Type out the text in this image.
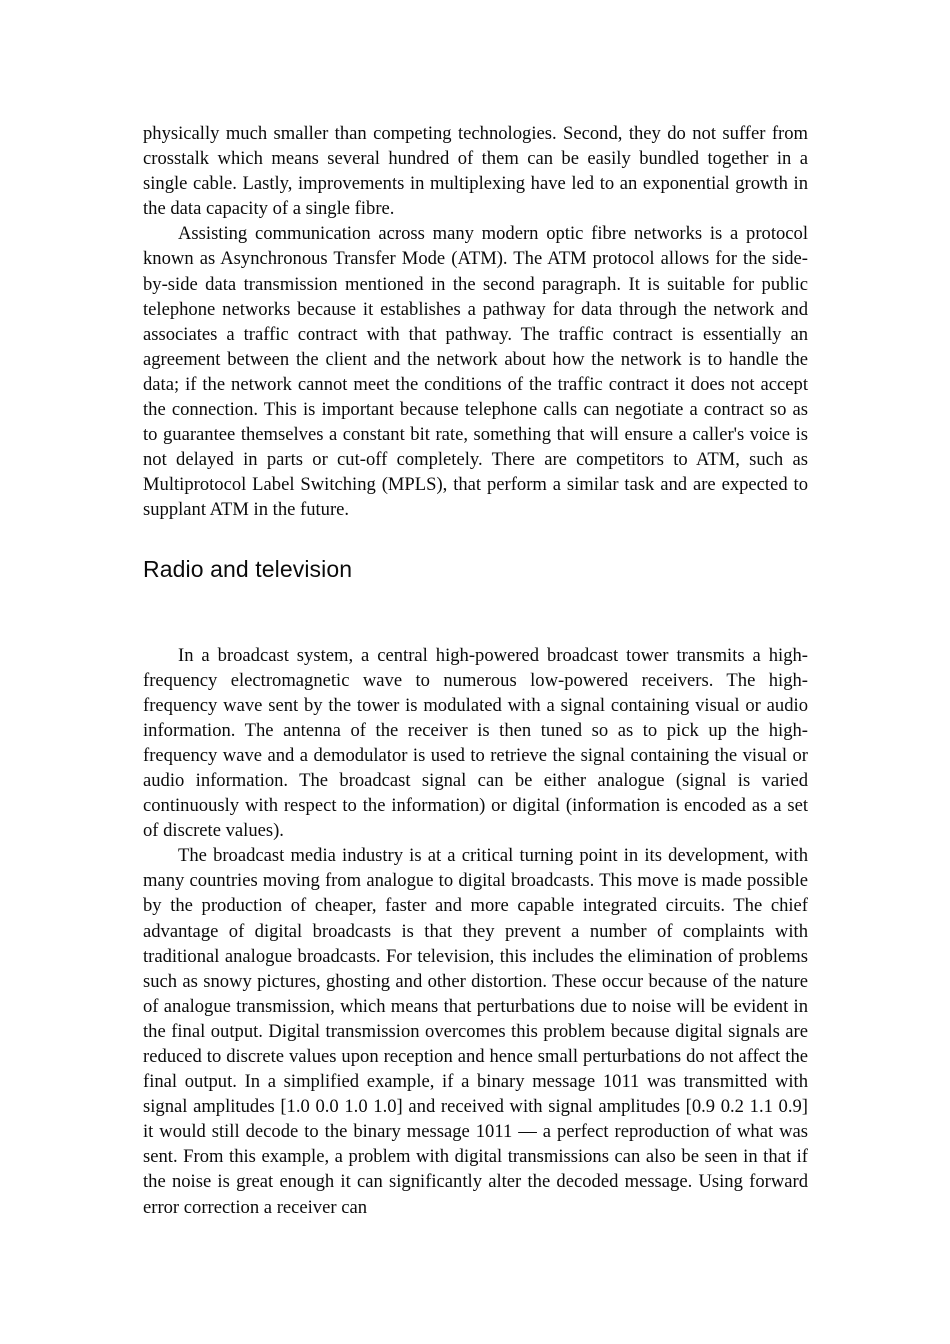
physically much smaller than competing technologies. Second, they do not suffer from crosstalk which means several hundred of them can be easily bundled together in a single cable. Lastly, improvements in multiplexing have led to an exponential growth in the data capacity of a single fibre.

Assisting communication across many modern optic fibre networks is a protocol known as Asynchronous Transfer Mode (ATM). The ATM protocol allows for the side-by-side data transmission mentioned in the second paragraph. It is suitable for public telephone networks because it establishes a pathway for data through the network and associates a traffic contract with that pathway. The traffic contract is essentially an agreement between the client and the network about how the network is to handle the data; if the network cannot meet the conditions of the traffic contract it does not accept the connection. This is important because telephone calls can negotiate a contract so as to guarantee themselves a constant bit rate, something that will ensure a caller's voice is not delayed in parts or cut-off completely. There are competitors to ATM, such as Multiprotocol Label Switching (MPLS), that perform a similar task and are expected to supplant ATM in the future.

Radio and television

In a broadcast system, a central high-powered broadcast tower transmits a high-frequency electromagnetic wave to numerous low-powered receivers. The high-frequency wave sent by the tower is modulated with a signal containing visual or audio information. The antenna of the receiver is then tuned so as to pick up the high-frequency wave and a demodulator is used to retrieve the signal containing the visual or audio information. The broadcast signal can be either analogue (signal is varied continuously with respect to the information) or digital (information is encoded as a set of discrete values).

The broadcast media industry is at a critical turning point in its development, with many countries moving from analogue to digital broadcasts. This move is made possible by the production of cheaper, faster and more capable integrated circuits. The chief advantage of digital broadcasts is that they prevent a number of complaints with traditional analogue broadcasts. For television, this includes the elimination of problems such as snowy pictures, ghosting and other distortion. These occur because of the nature of analogue transmission, which means that perturbations due to noise will be evident in the final output. Digital transmission overcomes this problem because digital signals are reduced to discrete values upon reception and hence small perturbations do not affect the final output. In a simplified example, if a binary message 1011 was transmitted with signal amplitudes [1.0 0.0 1.0 1.0] and received with signal amplitudes [0.9 0.2 1.1 0.9] it would still decode to the binary message 1011 — a perfect reproduction of what was sent. From this example, a problem with digital transmissions can also be seen in that if the noise is great enough it can significantly alter the decoded message. Using forward error correction a receiver can
